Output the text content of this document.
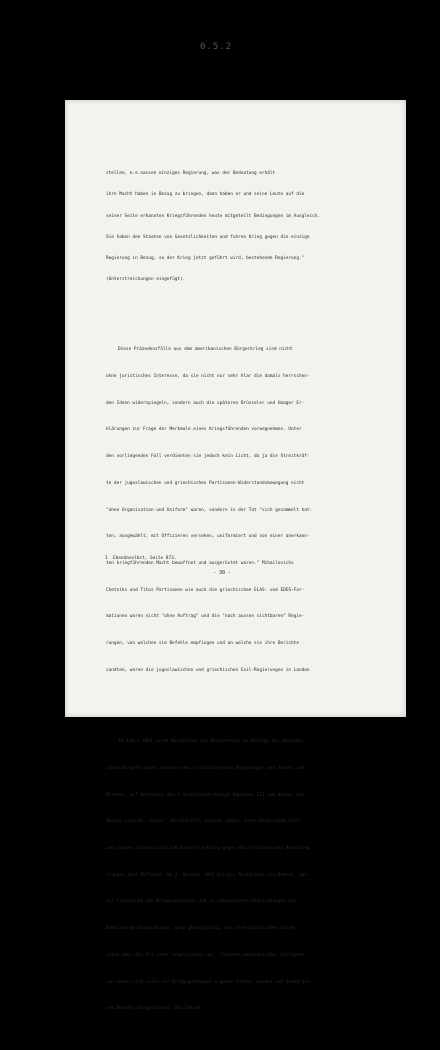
0.5.2

stellen, e.e.nassen einziges Regierung, was der Bedeutung erhält

ihre Macht haben in Bezug zu bringen, dann haben er und seine Leute auf die

seiner Seite erkannten Kriegsführenden heute mitgeteilt Bedingungen im Ausgleich.

Sie haben den Staaten von Gesetzlichkeiten und fuhren Krieg gegen die einzige

Regierung in Bezug, so der Krieg jetzt geführt wird, bestehende Regierung."

(Unterstreichungen eingefügt).

Diese Präzedenzfälle aus dem amerikanischen Bürgerkrieg sind nicht

ohne juristisches Interesse, da sie nicht nur sehr klar die damals herrschen-

den Ideen widerspiegeln, sondern auch die späteren Brüsseler und Haager Er-

klärungen zur Frage der Merkmale eines Kriegsführenden vorwegnehmen. Unter

den vorliegenden Fall verdienten sie jedoch kein Licht, da ja die Streitkräf-

te der jugoslawischen und griechischen Partisanen-Widerstandsbewegung nicht

"ohne Organisation und Uniform" waren, sondern in der Tat "sich gesammelt hat-

ten, ausgewählt, mit Offizieren versehen, uniformiert und von einer anerkann-

ten kriegführenden Macht bewaffnet und ausgerüstet waren." Mihailovichs

Chetniks und Titos Partisanen wie auch die griechischen ELAS- und EDES-For-

mationen waren nicht "ohne Auftrag" und die "nach aussen sichtbaren" Regie-

rungen, von welchen sie Befehle empfingen und an welche sie ihre Berichte

sandten, waren die jugoslawischen und griechischen Exil-Regierungen in London

Im Jahre 1865 wurde Maximilian von Oesterreich im Gefolge des mexikani-

schen Bürgerkrieges zwischen den rivalisierenden Regierungen von Juarez und

Miramon, auf Betreiben des französischen Königs Napoleon III zum Kaiser von

Mexiko ernannt. Juarez' Streitkräfte setzten jedoch ihren Widerstand fort

und gingen schliesslich zum Guerrilla-Krieg gegen die französischen Besatzung

truppen ihre Zuflucht. Am 3. Oktober 1865 erliess Maximilian ein Dekret, das

zur Einsetzung von Kriegsgerichten und zu summarischen Hinrichtungen von

Rebellen bevollmächtigte, ganz gleichgültig, wie ihre politischen Grund-

sätze oder die Art ihrer Organisation war. Tausende mexikanischer Patrioten

von denen sich viele als Kriegsgefangene ergeben hatten, wurden auf Grund die-

ses Dekrets hingerichtet. Das Dekret

1  Ebendaselbst, Seite 873.
- 30 -
